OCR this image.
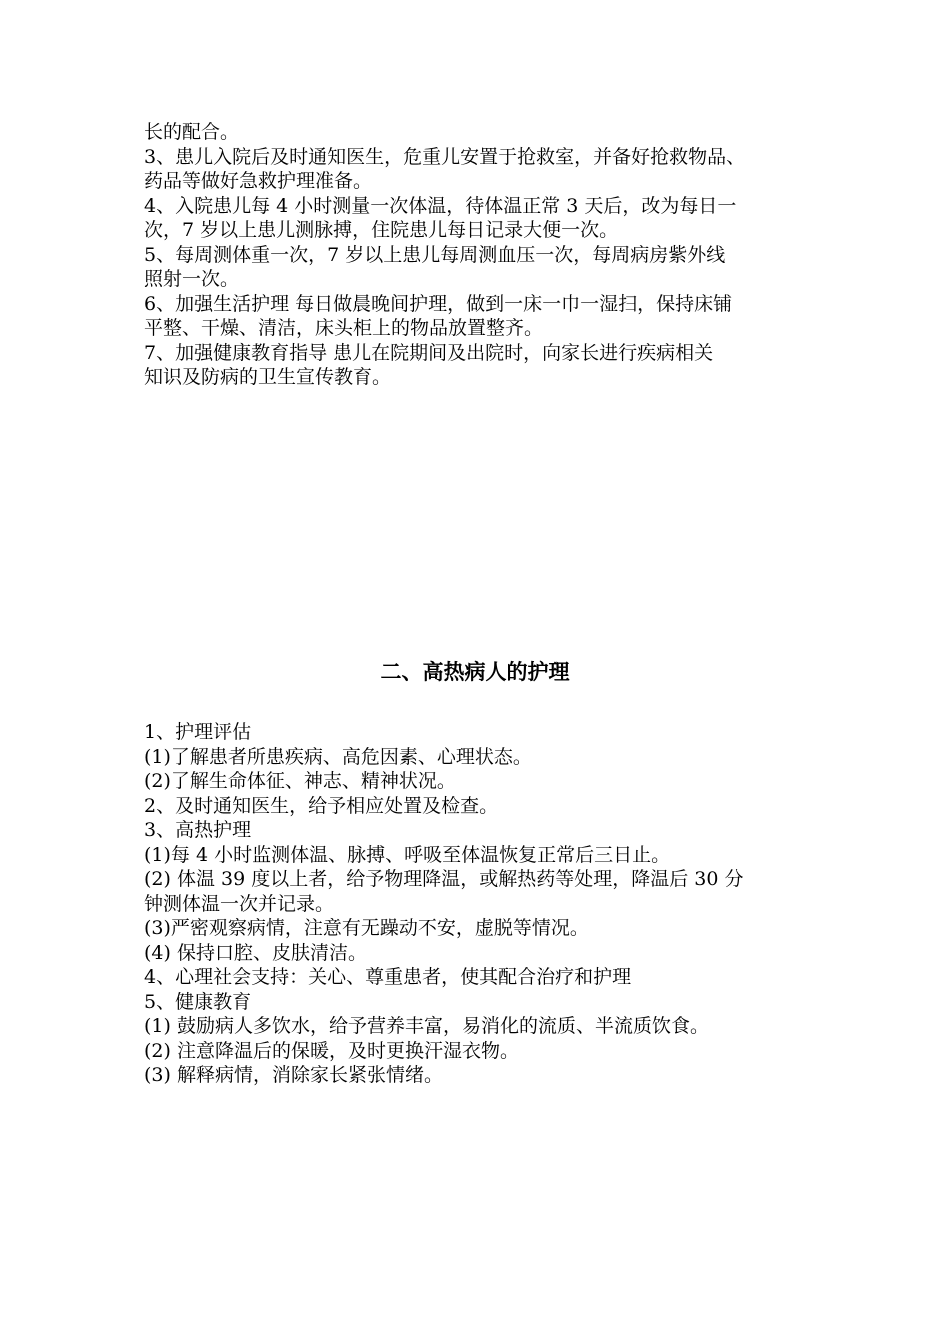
长的配合。
3、患儿入院后及时通知医生，危重儿安置于抢救室，并备好抢救物品、
药品等做好急救护理准备。
4、入院患儿每 4 小时测量一次体温，待体温正常 3 天后，改为每日一
次，7 岁以上患儿测脉搏，住院患儿每日记录大便一次。
5、每周测体重一次，7 岁以上患儿每周测血压一次，每周病房紫外线
照射一次。
6、加强生活护理 每日做晨晚间护理，做到一床一巾一湿扫，保持床铺
平整、干燥、清洁，床头柜上的物品放置整齐。
7、加强健康教育指导 患儿在院期间及出院时，向家长进行疾病相关
知识及防病的卫生宣传教育。
二、高热病人的护理
1、护理评估
(1)了解患者所患疾病、高危因素、心理状态。
(2)了解生命体征、神志、精神状况。
2、及时通知医生，给予相应处置及检查。
3、高热护理
(1)每 4 小时监测体温、脉搏、呼吸至体温恢复正常后三日止。
(2) 体温 39 度以上者，给予物理降温，或解热药等处理，降温后 30 分
钟测体温一次并记录。
(3)严密观察病情，注意有无躁动不安，虚脱等情况。
(4) 保持口腔、皮肤清洁。
4、心理社会支持：关心、尊重患者，使其配合治疗和护理
5、健康教育
(1) 鼓励病人多饮水，给予营养丰富，易消化的流质、半流质饮食。
(2) 注意降温后的保暖，及时更换汗湿衣物。
(3) 解释病情，消除家长紧张情绪。
